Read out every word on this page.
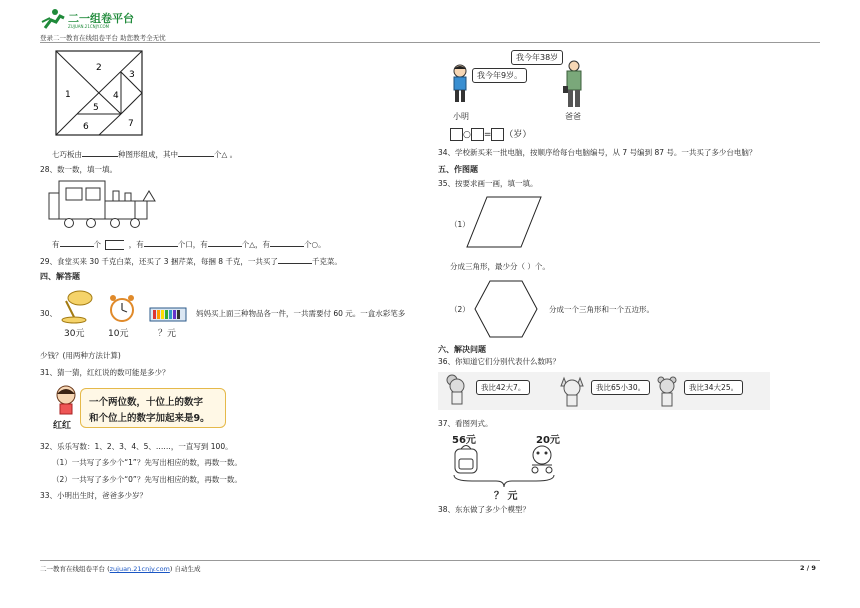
二一组卷平台
ZUJUAN.21CNJY.COM
登录二一教育在线组卷平台 助您教考全无忧
1
2
3
4
5
6	7
七巧板由	种图形组成，其中	个△ 。
28、数一数，填一填。
有	个	，有	个口，有	个△，有	个○。
29、食堂买来 30 千克白菜，还买了 3 捆芹菜，每捆 8 千克，一共买了	千克菜。
四、解答题
30、
30元	10元	？元
妈妈买上面三种物品各一件，一共需要付 60 元。一盒水彩笔多
少钱？(用两种方法计算)
31、猜一猜，红红说的数可能是多少？
红红
一个两位数，十位上的数字
和个位上的数字加起来是9。
32、乐乐写数：1、2、3、4、5、……，一直写到 100。
（1）一共写了多少个“1”？先写出相应的数，再数一数。
（2）一共写了多少个“0”？先写出相应的数，再数一数。
33、小明出生时，爸爸多少岁？
我今年38岁
我今年9岁。
小明	爸爸
○ = （岁）
34、学校新买来一批电脑，按顺序给每台电脑编号，从 7 号编到 87 号。一共买了多少台电脑？
五、作图题
35、按要求画一画，填一填。
（1）
分成三角形，最少分（ ）个。
（2）	分成一个三角形和一个五边形。
六、解决问题
36、你知道它们分别代表什么数吗？
我比42大7。	我比65小30。	我比34大25。
37、看图列式。
56元	20元
？ 元
38、东东做了多少个模型？
二一教育在线组卷平台 (zujuan.21cnjy.com) 自动生成	2 / 9
